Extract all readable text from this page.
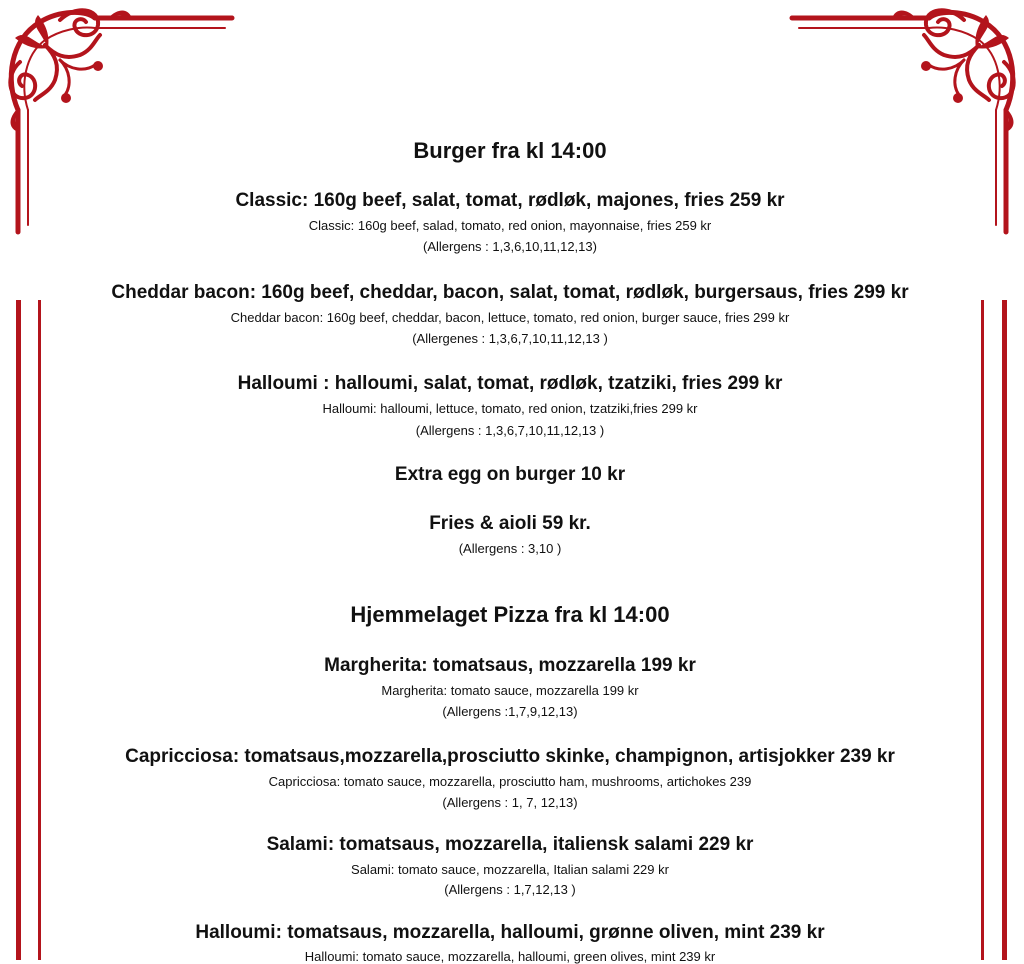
Burger fra kl 14:00
Classic: 160g beef, salat, tomat, rødløk, majones, fries 259 kr
Classic: 160g beef, salad, tomato, red onion, mayonnaise, fries 259 kr
(Allergens : 1,3,6,10,11,12,13)
Cheddar bacon: 160g beef, cheddar, bacon, salat, tomat, rødløk, burgersaus, fries 299 kr
Cheddar bacon: 160g beef, cheddar, bacon, lettuce, tomato, red onion, burger sauce, fries 299 kr
(Allergenes : 1,3,6,7,10,11,12,13 )
Halloumi : halloumi, salat, tomat, rødløk, tzatziki, fries 299 kr
Halloumi: halloumi, lettuce, tomato, red onion, tzatziki,fries 299 kr
(Allergens : 1,3,6,7,10,11,12,13 )
Extra egg on burger 10 kr
Fries & aioli 59 kr.
(Allergens : 3,10 )
Hjemmelaget Pizza fra kl 14:00
Margherita: tomatsaus, mozzarella 199 kr
Margherita: tomato sauce, mozzarella 199 kr
(Allergens :1,7,9,12,13)
Capricciosa: tomatsaus,mozzarella,prosciutto skinke, champignon, artisjokker 239 kr
Capricciosa: tomato sauce, mozzarella, prosciutto ham, mushrooms, artichokes 239
(Allergens : 1, 7, 12,13)
Salami: tomatsaus, mozzarella, italiensk salami 229 kr
Salami: tomato sauce, mozzarella, Italian salami 229 kr
(Allergens : 1,7,12,13 )
Halloumi: tomatsaus, mozzarella, halloumi, grønne oliven, mint 239 kr
Halloumi: tomato sauce, mozzarella, halloumi, green olives, mint 239 kr
